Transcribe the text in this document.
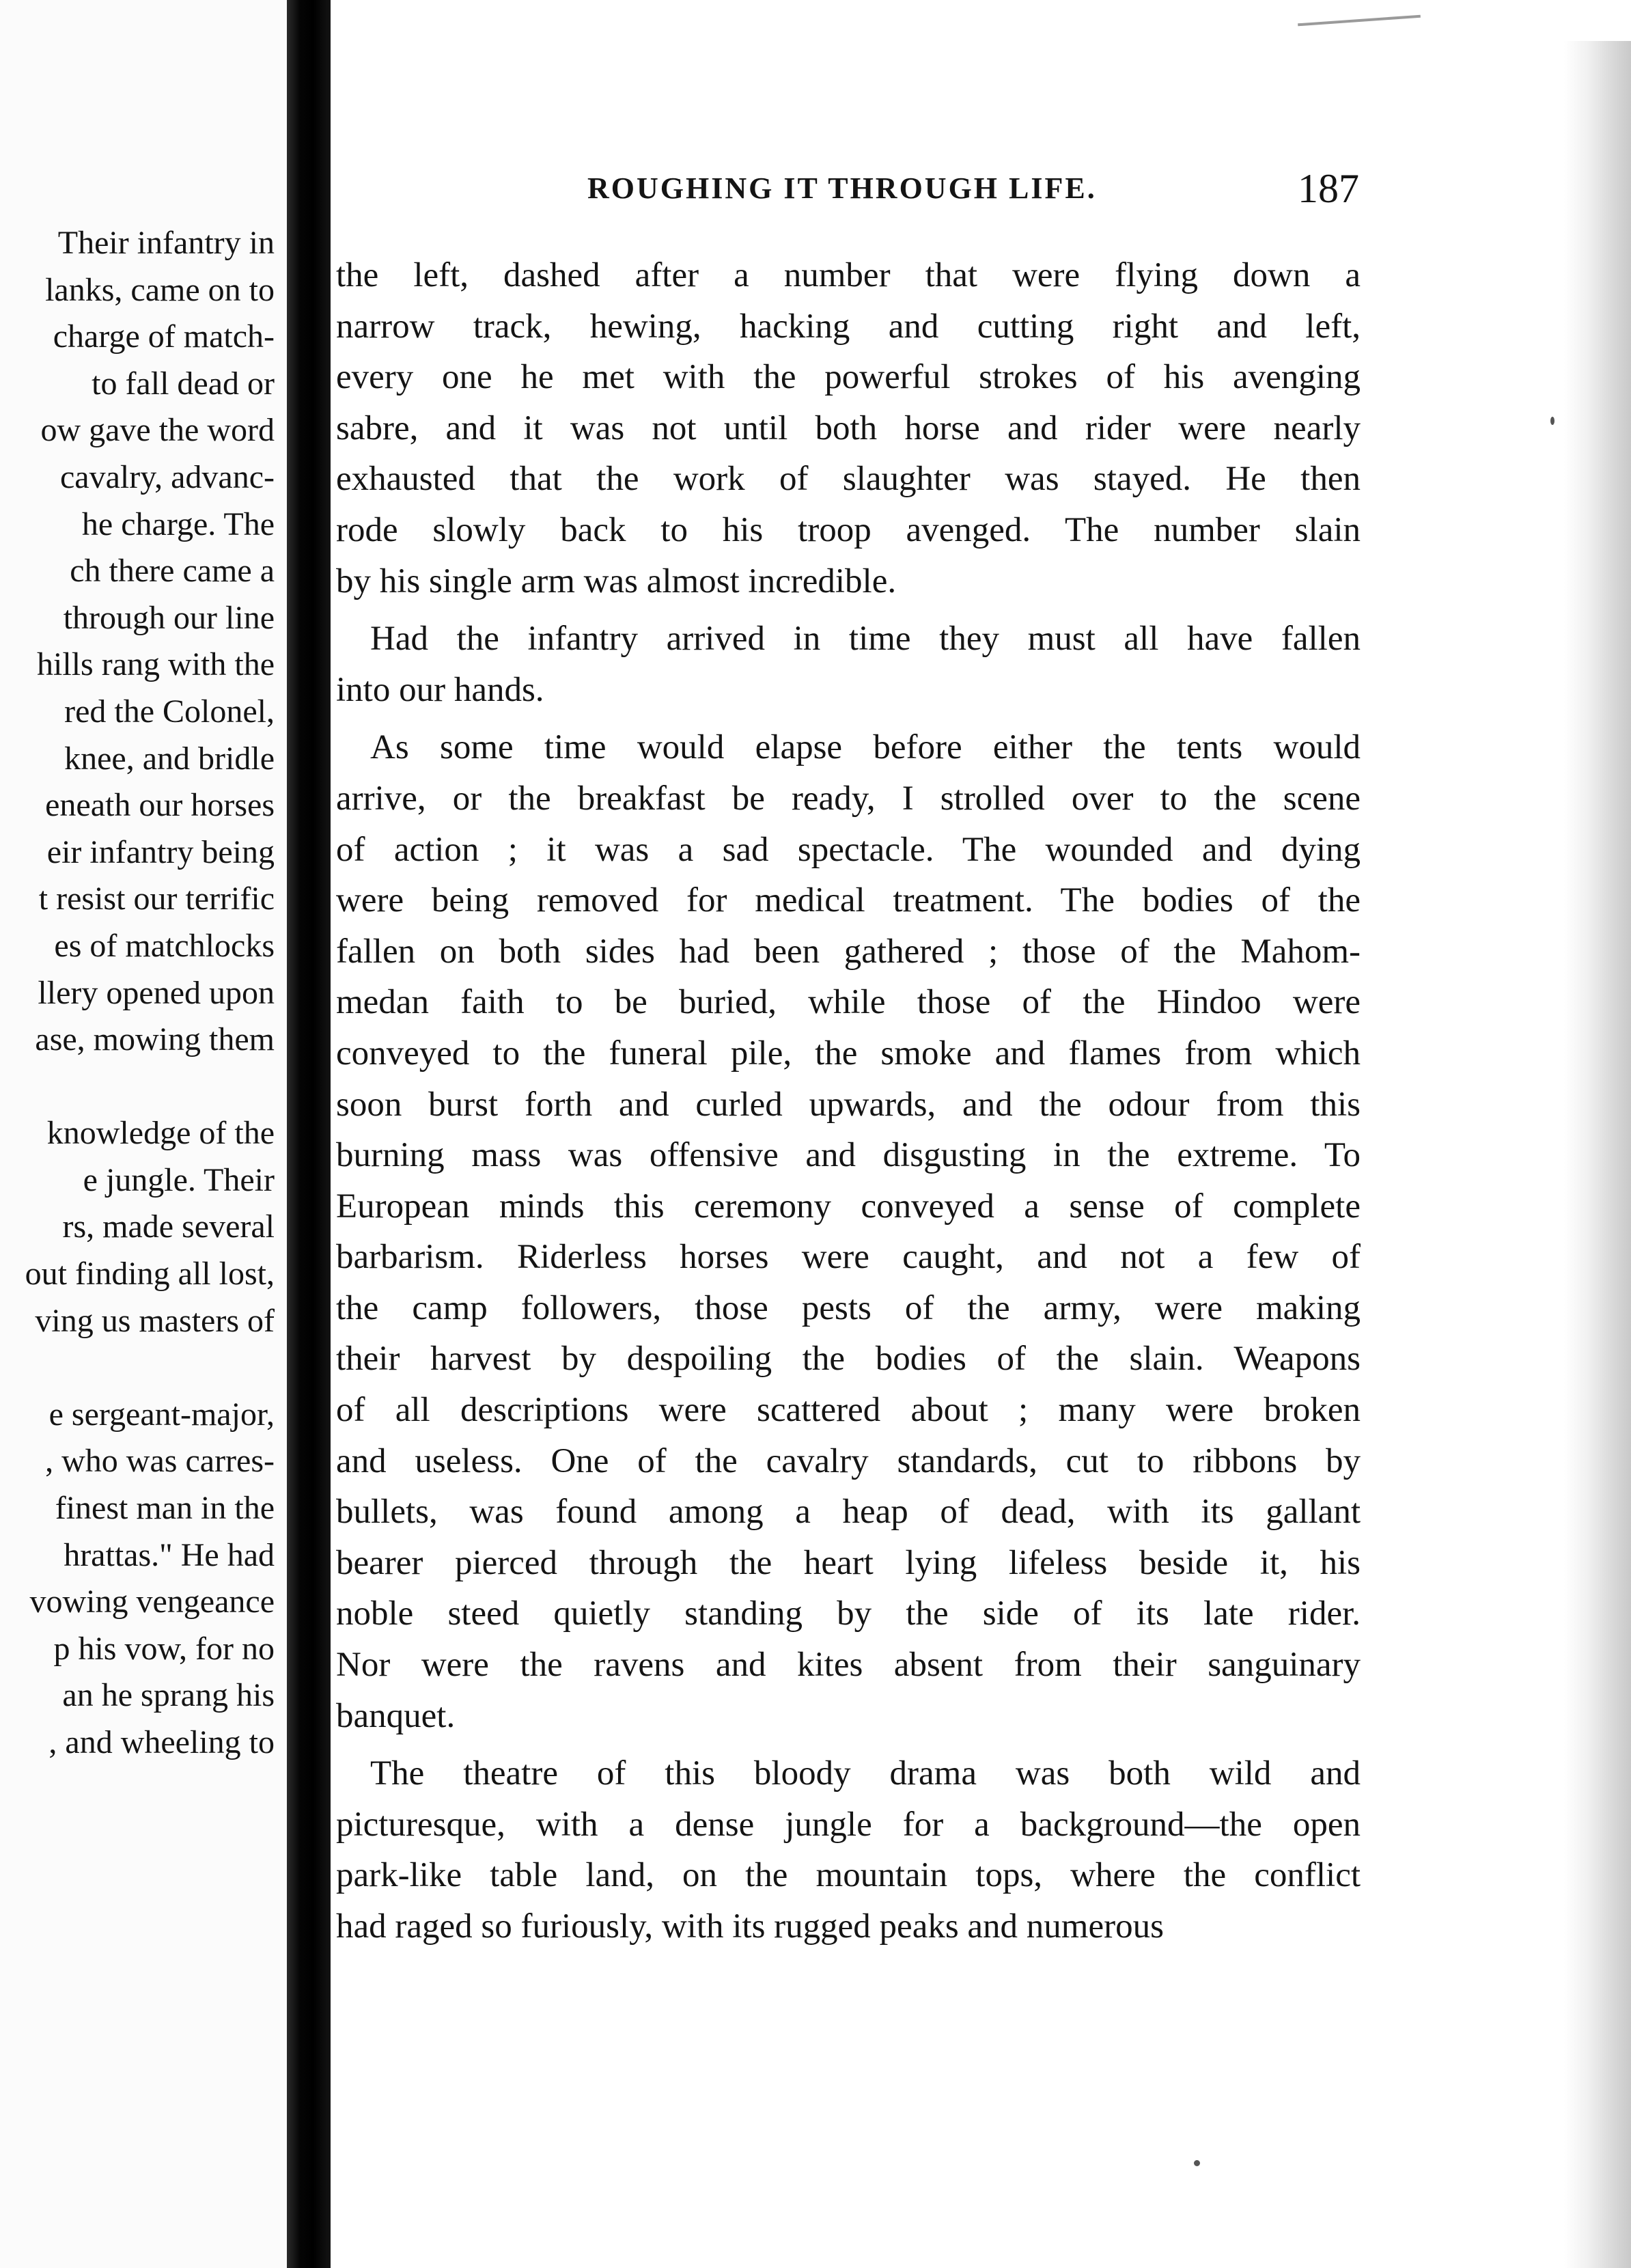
Their infantry in
lanks, came on to
charge of match-
to fall dead or
ow gave the word
cavalry, advanc-
he charge. The
ch there came a
through our line
hills rang with the
red the Colonel,
knee, and bridle
eneath our horses
eir infantry being
t resist our terrific
es of matchlocks
llery opened upon
ase, mowing them
knowledge of the
e jungle. Their
rs, made several
out finding all lost,
ving us masters of
e sergeant-major,
, who was carres-
finest man in the
hrattas." He had
vowing vengeance
p his vow, for no
an he sprang his
, and wheeling to
ROUGHING IT THROUGH LIFE.	187
the left, dashed after a number that were flying down a
narrow track, hewing, hacking and cutting right and left,
every one he met with the powerful strokes of his avenging
sabre, and it was not until both horse and rider were nearly
exhausted that the work of slaughter was stayed. He then
rode slowly back to his troop avenged. The number slain
by his single arm was almost incredible.
Had the infantry arrived in time they must all have fallen
into our hands.
As some time would elapse before either the tents would
arrive, or the breakfast be ready, I strolled over to the scene
of action ; it was a sad spectacle. The wounded and dying
were being removed for medical treatment. The bodies of the
fallen on both sides had been gathered ; those of the Mahom-
medan faith to be buried, while those of the Hindoo were
conveyed to the funeral pile, the smoke and flames from which
soon burst forth and curled upwards, and the odour from this
burning mass was offensive and disgusting in the extreme. To
European minds this ceremony conveyed a sense of complete
barbarism. Riderless horses were caught, and not a few of
the camp followers, those pests of the army, were making
their harvest by despoiling the bodies of the slain. Weapons
of all descriptions were scattered about ; many were broken
and useless. One of the cavalry standards, cut to ribbons by
bullets, was found among a heap of dead, with its gallant
bearer pierced through the heart lying lifeless beside it, his
noble steed quietly standing by the side of its late rider.
Nor were the ravens and kites absent from their sanguinary
banquet.
The theatre of this bloody drama was both wild and
picturesque, with a dense jungle for a background—the open
park-like table land, on the mountain tops, where the conflict
had raged so furiously, with its rugged peaks and numerous
